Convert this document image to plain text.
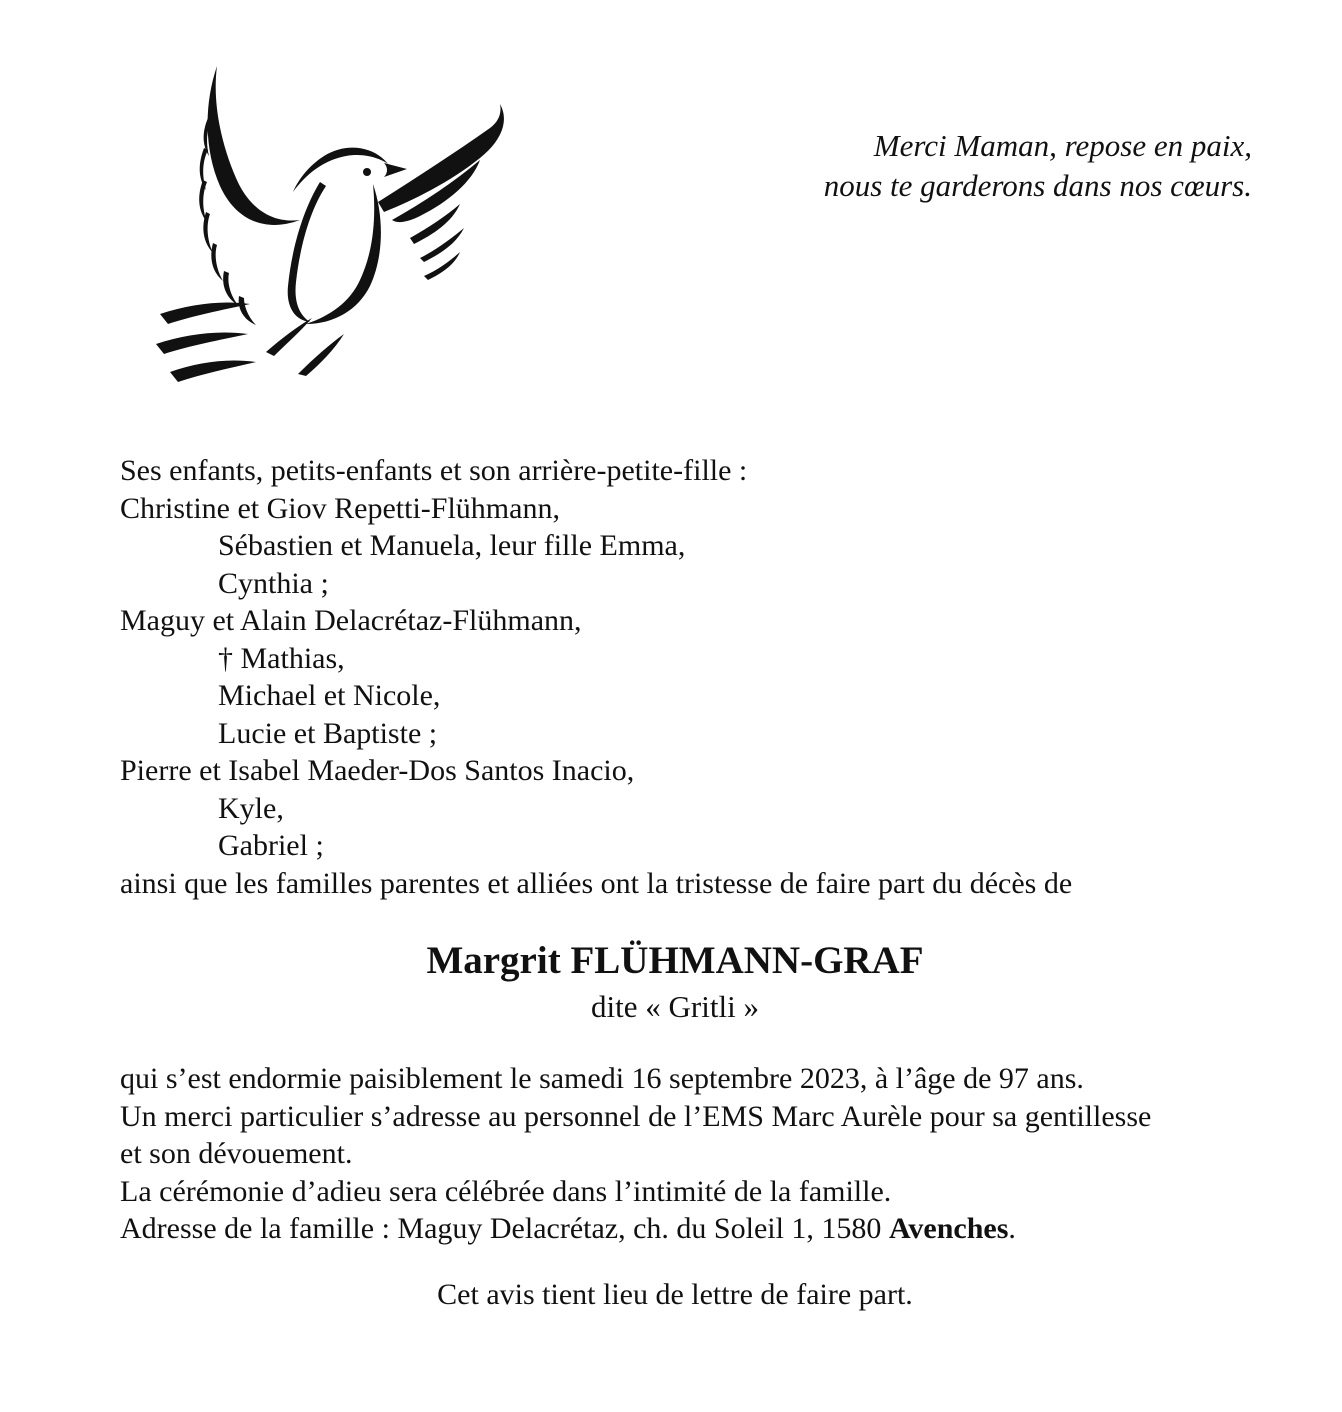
Merci Maman, repose en paix,
nous te garderons dans nos cœurs.
Ses enfants, petits-enfants et son arrière-petite-fille :
Christine et Giov Repetti-Flühmann,
Sébastien et Manuela, leur fille Emma,
Cynthia ;
Maguy et Alain Delacrétaz-Flühmann,
† Mathias,
Michael et Nicole,
Lucie et Baptiste ;
Pierre et Isabel Maeder-Dos Santos Inacio,
Kyle,
Gabriel ;
ainsi que les familles parentes et alliées ont la tristesse de faire part du décès de
Margrit FLÜHMANN-GRAF
dite « Gritli »
qui s’est endormie paisiblement le samedi 16 septembre 2023, à l’âge de 97 ans.
Un merci particulier s’adresse au personnel de l’EMS Marc Aurèle pour sa gentillesse
et son dévouement.
La cérémonie d’adieu sera célébrée dans l’intimité de la famille.
Adresse de la famille : Maguy Delacrétaz, ch. du Soleil 1, 1580 Avenches.
Cet avis tient lieu de lettre de faire part.
